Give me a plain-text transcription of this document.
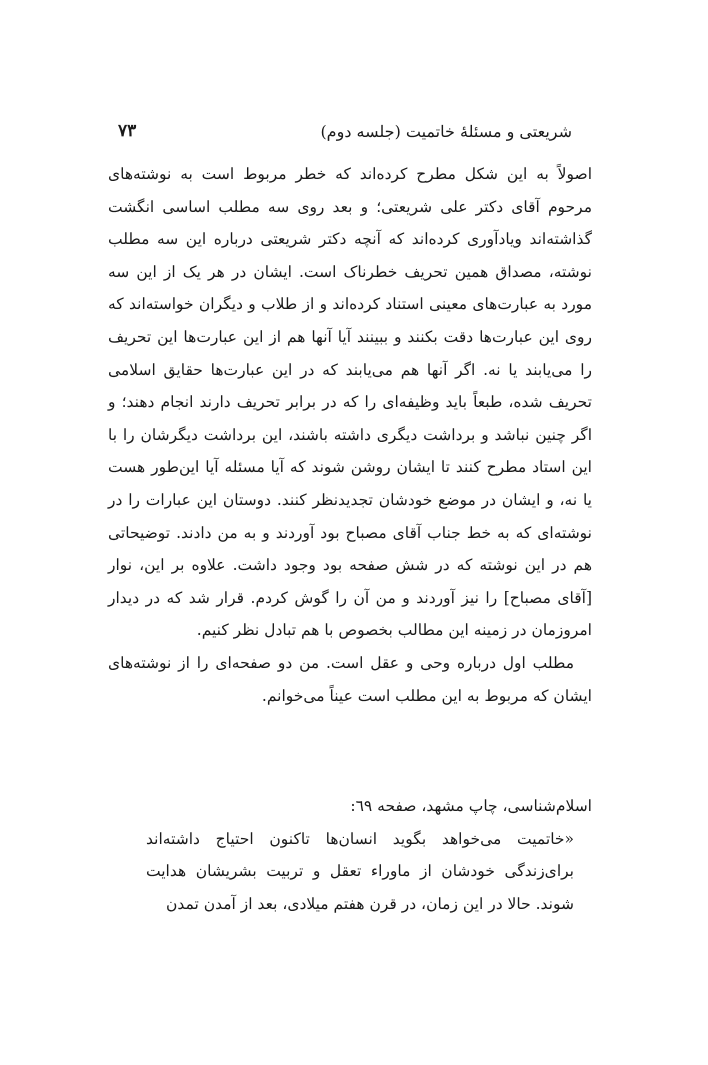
شریعتی و مسئلۀ خاتمیت (جلسه دوم)
۷۳

اصولاً به این شکل مطرح کرده‌اند که خطر مربوط است به نوشته‌های مرحوم آقای دکتر علی شریعتی؛ و بعد روی سه مطلب اساسی انگشت گذاشته‌اند ویادآوری کرده‌اند که آنچه دکتر شریعتی درباره این سه مطلب نوشته، مصداق همین تحریف خطرناک است. ایشان در هر یک از این سه مورد به عبارت‌های معینی استناد کرده‌اند و از طلاب و دیگران خواسته‌اند که روی این عبارت‌ها دقت بکنند و ببینند آیا آنها هم از این عبارت‌ها این تحریف را می‌یابند یا نه. اگر آنها هم می‌یابند که در این عبارت‌ها حقایق اسلامی تحریف شده، طبعاً باید وظیفه‌ای را که در برابر تحریف دارند انجام دهند؛ و اگر چنین نباشد و برداشت دیگری داشته باشند، این برداشت دیگرشان را با این استاد مطرح کنند تا ایشان روشن شوند که آیا مسئله آیا این‌طور هست یا نه، و ایشان در موضع خودشان تجدیدنظر کنند. دوستان این عبارات را در نوشته‌ای که به خط جناب آقای مصباح بود آوردند و به من دادند. توضیحاتی هم در این نوشته که در شش صفحه بود وجود داشت. علاوه بر این، نوار [آقای مصباح] را نیز آوردند و من آن را گوش کردم. قرار شد که در دیدار امروزمان در زمینه این مطالب بخصوص با هم تبادل نظر کنیم.

مطلب اول درباره وحی و عقل است. من دو صفحه‌ای را از نوشته‌های ایشان که مربوط به این مطلب است عیناً می‌خوانم.

اسلام‌شناسی، چاپ مشهد، صفحه ٦٩:

«خاتمیت می‌خواهد بگوید انسان‌ها تاکنون احتیاج داشته‌اند برای‌زندگی خودشان از ماوراء تعقل و تربیت بشریشان هدایت شوند. حالا در این زمان، در قرن هفتم میلادی، بعد از آمدن تمدن
